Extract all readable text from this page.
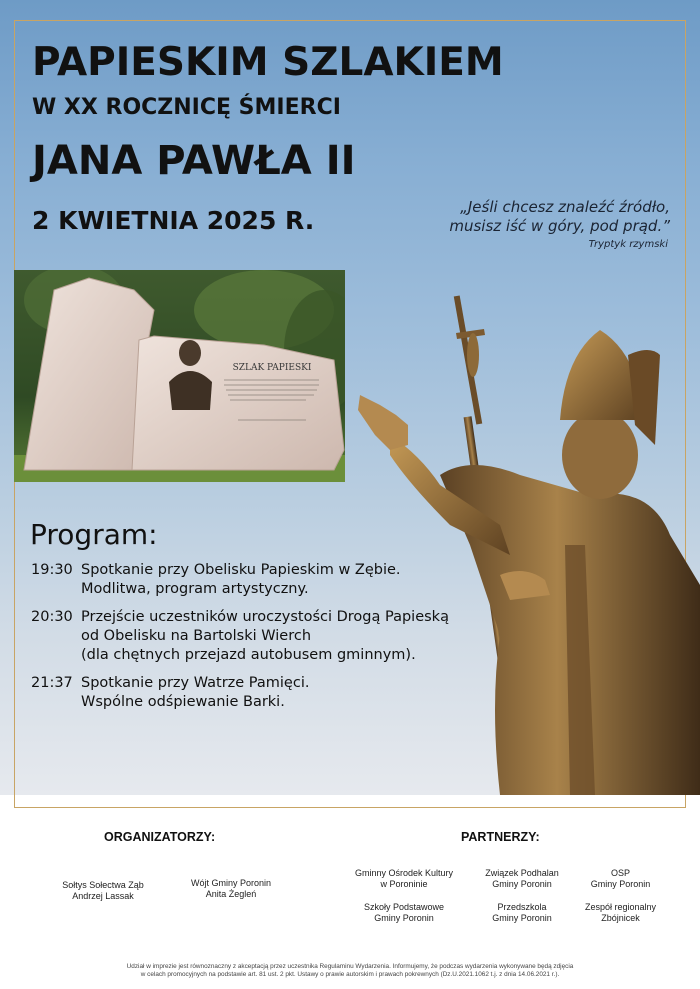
SZLAK PAPIESKI
PAPIESKIM SZLAKIEM
W XX ROCZNICĘ ŚMIERCI
JANA PAWŁA II
2 KWIETNIA 2025 R.	„Jeśli chcesz znaleźć źródło,
musisz iść w góry, pod prąd.”
Tryptyk rzymski
Program:
19:30 Spotkanie przy Obelisku Papieskim w Zębie.
Modlitwa, program artystyczny.
20:30 Przejście uczestników uroczystości Drogą Papieską
od Obelisku na Bartolski Wierch
(dla chętnych przejazd autobusem gminnym).
21:37 Spotkanie przy Watrze Pamięci.
Wspólne odśpiewanie Barki.
ORGANIZATORZY:
Sołtys Sołectwa Ząb
Andrzej Lassak
Wójt Gminy Poronin
Anita Żegleń
PARTNERZY:
Gminny Ośrodek Kultury
w Poroninie
Związek Podhalan
Gminy Poronin
OSP
Gminy Poronin
Szkoły Podstawowe
Gminy Poronin
Przedszkola
Gminy Poronin
Zespół regionalny
Zbójnicek
Udział w imprezie jest równoznaczny z akceptacją przez uczestnika Regulaminu Wydarzenia. Informujemy, że podczas wydarzenia wykonywane będą zdjęcia
w celach promocyjnych na podstawie art. 81 ust. 2 pkt. Ustawy o prawie autorskim i prawach pokrewnych (Dz.U.2021.1062 t.j. z dnia 14.06.2021 r.).
